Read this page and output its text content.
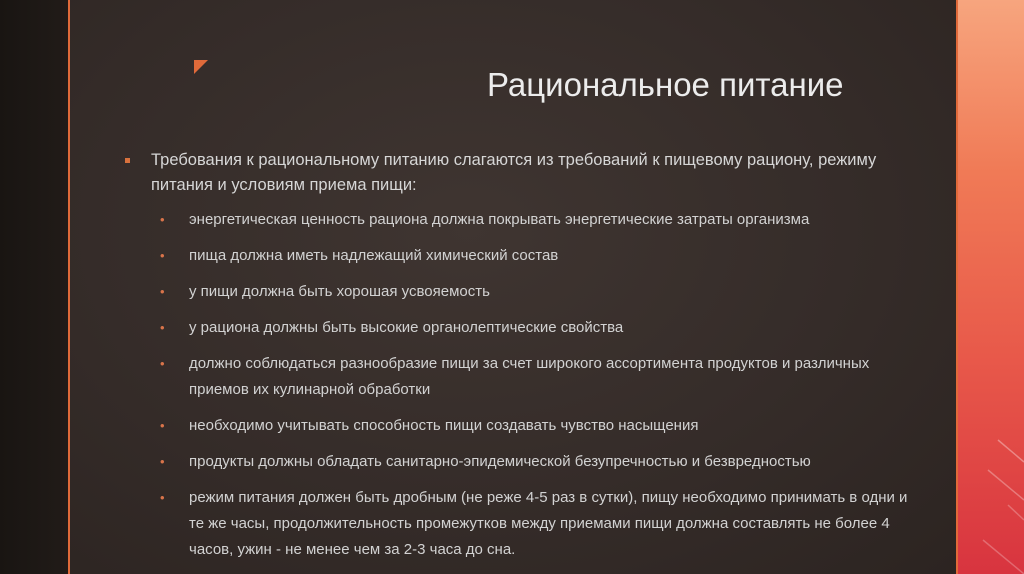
Рациональное питание
Требования к рациональному питанию слагаются из требований к пищевому рациону, режиму питания и условиям приема пищи:
• энергетическая ценность рациона должна покрывать энергетические затраты организма
• пища должна иметь надлежащий химический состав
• у пищи должна быть хорошая усвояемость
• у рациона должны быть высокие органолептические свойства
• должно соблюдаться разнообразие пищи за счет широкого ассортимента продуктов и различных приемов их кулинарной обработки
• необходимо учитывать способность пищи создавать чувство насыщения
• продукты должны обладать санитарно-эпидемической безупречностью и безвредностью
• режим питания должен быть дробным (не реже 4-5 раз в сутки), пищу необходимо принимать в одни и те же часы, продолжительность промежутков между приемами пищи должна составлять не более 4 часов, ужин - не менее чем за 2-3 часа до сна.
